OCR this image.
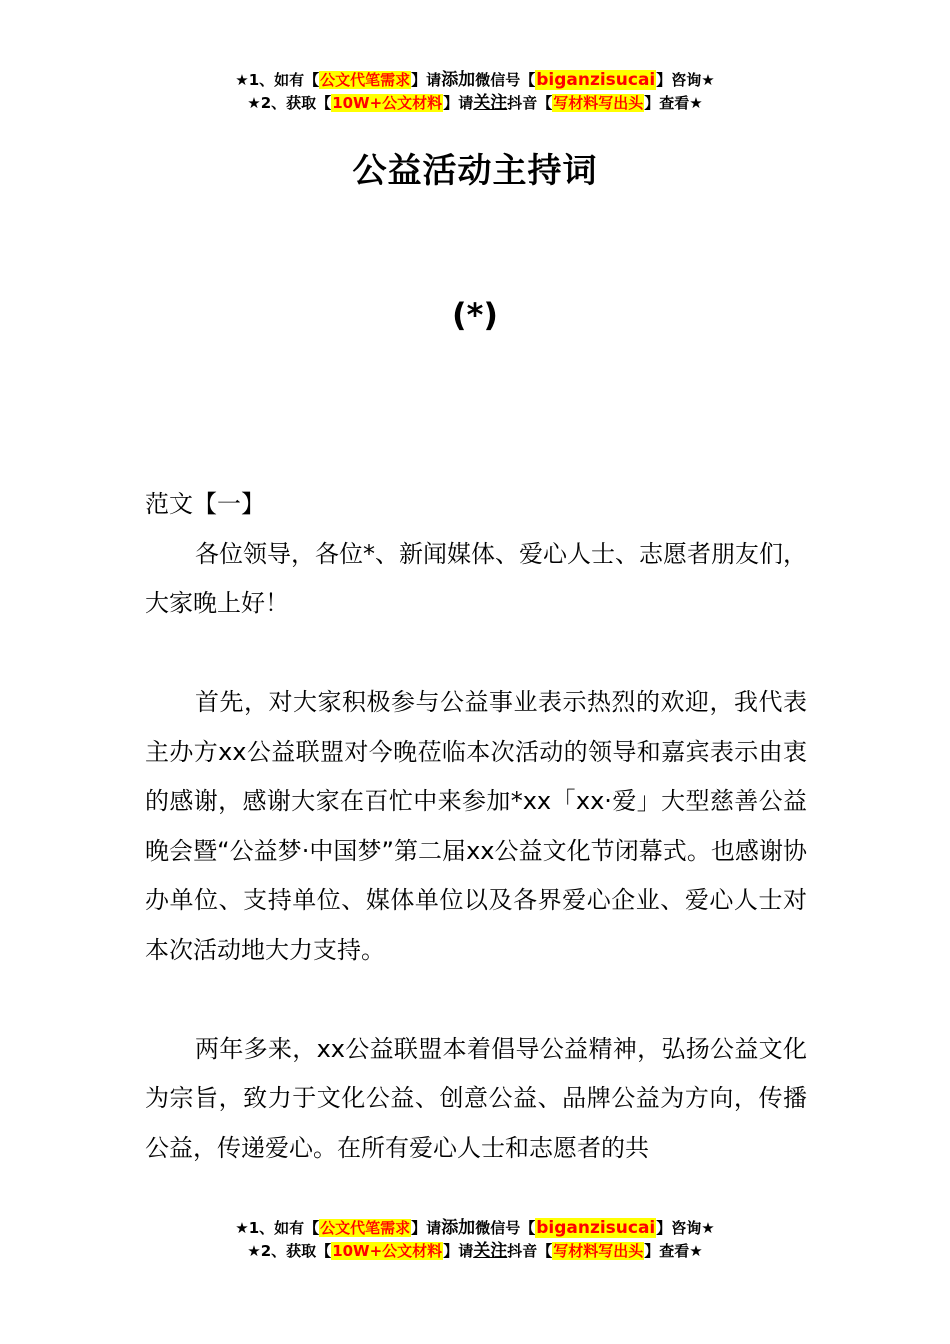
★1、如有【公文代笔需求】请添加微信号【biganzisucai】咨询★
★2、获取【10W+公文材料】请关注抖音【写材料写出头】查看★
公益活动主持词
(*)

范文【一】

各位领导，各位*、新闻媒体、爱心人士、志愿者朋友们，大家晚上好！

首先，对大家积极参与公益事业表示热烈的欢迎，我代表主办方xx公益联盟对今晚莅临本次活动的领导和嘉宾表示由衷的感谢，感谢大家在百忙中来参加*xx「xx·爱」大型慈善公益晚会暨“公益梦·中国梦”第二届xx公益文化节闭幕式。也感谢协办单位、支持单位、媒体单位以及各界爱心企业、爱心人士对本次活动地大力支持。

两年多来，xx公益联盟本着倡导公益精神，弘扬公益文化为宗旨，致力于文化公益、创意公益、品牌公益为方向，传播公益，传递爱心。在所有爱心人士和志愿者的共

★1、如有【公文代笔需求】请添加微信号【biganzisucai】咨询★
★2、获取【10W+公文材料】请关注抖音【写材料写出头】查看★
